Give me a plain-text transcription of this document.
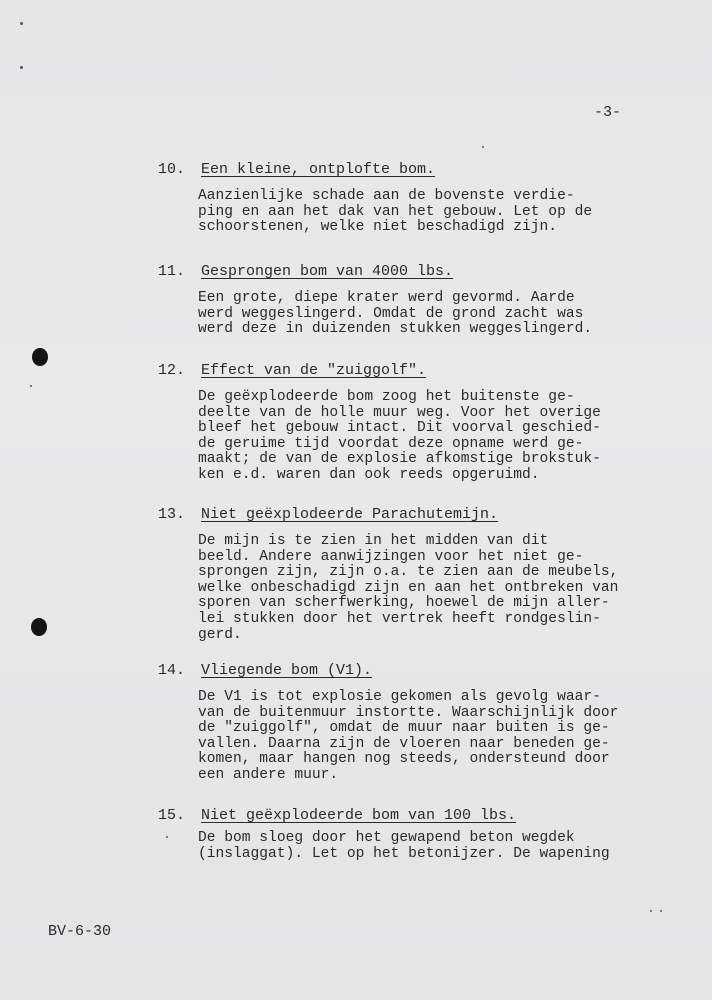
-3-
10. Een kleine, ontplofte bom.
Aanzienlijke schade aan de bovenste verdie-
ping en aan het dak van het gebouw. Let op de
schoorstenen, welke niet beschadigd zijn.
11. Gesprongen bom van 4000 lbs.
Een grote, diepe krater werd gevormd. Aarde
werd weggeslingerd. Omdat de grond zacht was
werd deze in duizenden stukken weggeslingerd.
12. Effect van de "zuiggolf".
De geëxplodeerde bom zoog het buitenste ge-
deelte van de holle muur weg. Voor het overige
bleef het gebouw intact. Dit voorval geschied-
de geruime tijd voordat deze opname werd ge-
maakt; de van de explosie afkomstige brokstuk-
ken e.d. waren dan ook reeds opgeruimd.
13. Niet geëxplodeerde Parachutemijn.
De mijn is te zien in het midden van dit
beeld. Andere aanwijzingen voor het niet ge-
sprongen zijn, zijn o.a. te zien aan de meubels,
welke onbeschadigd zijn en aan het ontbreken van
sporen van scherfwerking, hoewel de mijn aller-
lei stukken door het vertrek heeft rondgeslin-
gerd.
14. Vliegende bom (V1).
De V1 is tot explosie gekomen als gevolg waar-
van de buitenmuur instortte. Waarschijnlijk door
de "zuiggolf", omdat de muur naar buiten is ge-
vallen. Daarna zijn de vloeren naar beneden ge-
komen, maar hangen nog steeds, ondersteund door
een andere muur.
15. Niet geëxplodeerde bom van 100 lbs.
De bom sloeg door het gewapend beton wegdek
(inslaggat). Let op het betonijzer. De wapening
BV-6-30
